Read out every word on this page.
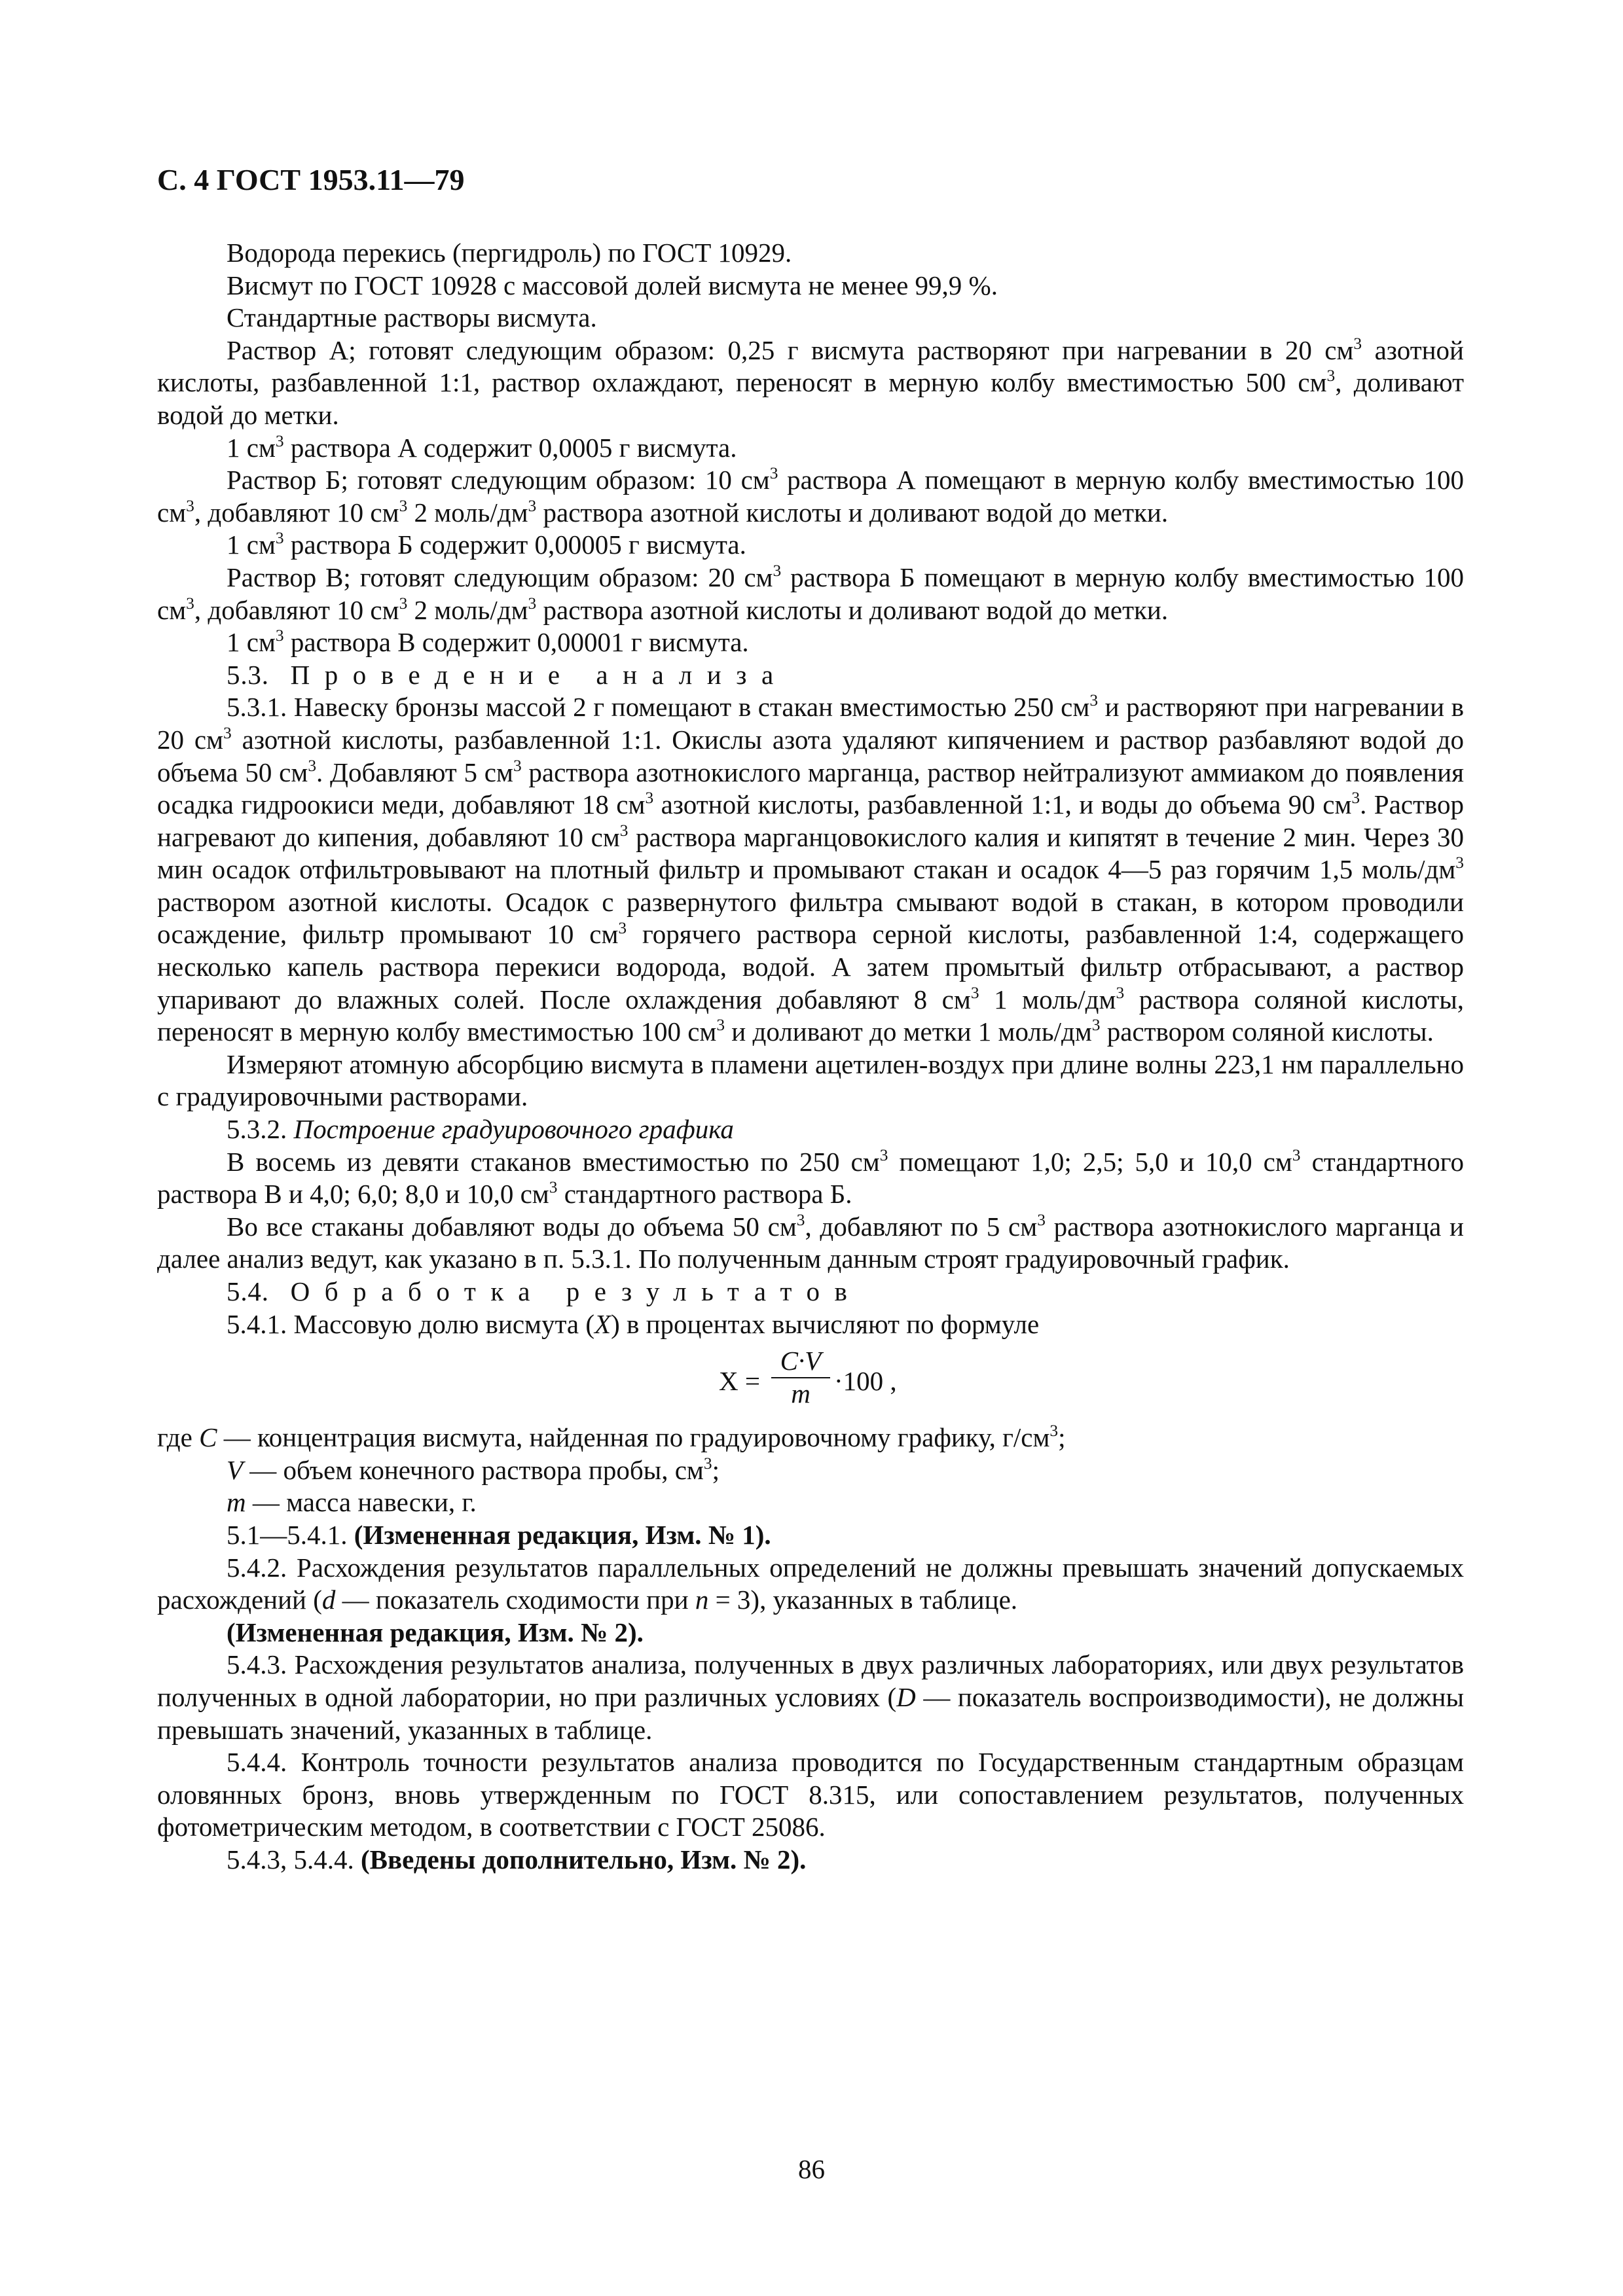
С. 4 ГОСТ 1953.11—79

Водорода перекись (пергидроль) по ГОСТ 10929.

Висмут по ГОСТ 10928 с массовой долей висмута не менее 99,9 %.

Стандартные растворы висмута.

Раствор А; готовят следующим образом: 0,25 г висмута растворяют при нагревании в 20 $см^3$ азотной кислоты, разбавленной 1:1, раствор охлаждают, переносят в мерную колбу вместимостью 500 $см^3$, доливают водой до метки.

1 $см^3$ раствора А содержит 0,0005 г висмута.

Раствор Б; готовят следующим образом: 10 $см^3$ раствора А помещают в мерную колбу вместимостью 100 $см^3$, добавляют 10 $см^3$ 2 моль/$дм^3$ раствора азотной кислоты и доливают водой до метки.

1 $см^3$ раствора Б содержит 0,00005 г висмута.

Раствор В; готовят следующим образом: 20 $см^3$ раствора Б помещают в мерную колбу вместимостью 100 $см^3$, добавляют 10 $см^3$ 2 моль/$дм^3$ раствора азотной кислоты и доливают водой до метки.

1 $см^3$ раствора В содержит 0,00001 г висмута.

5.3. Проведение анализа

5.3.1. Навеску бронзы массой 2 г помещают в стакан вместимостью 250 $см^3$ и растворяют при нагревании в 20 $см^3$ азотной кислоты, разбавленной 1:1. Окислы азота удаляют кипячением и раствор разбавляют водой до объема 50 $см^3$. Добавляют 5 $см^3$ раствора азотнокислого марганца, раствор нейтрализуют аммиаком до появления осадка гидроокиси меди, добавляют 18 $см^3$ азотной кислоты, разбавленной 1:1, и воды до объема 90 $см^3$. Раствор нагревают до кипения, добавляют 10 $см^3$ раствора марганцовокислого калия и кипятят в течение 2 мин. Через 30 мин осадок отфильтровывают на плотный фильтр и промывают стакан и осадок 4—5 раз горячим 1,5 моль/$дм^3$ раствором азотной кислоты. Осадок с развернутого фильтра смывают водой в стакан, в котором проводили осаждение, фильтр промывают 10 $см^3$ горячего раствора серной кислоты, разбавленной 1:4, содержащего несколько капель раствора перекиси водорода, водой. А затем промытый фильтр отбрасывают, а раствор упаривают до влажных солей. После охлаждения добавляют 8 $см^3$ 1 моль/$дм^3$ раствора соляной кислоты, переносят в мерную колбу вместимостью 100 $см^3$ и доливают до метки 1 моль/$дм^3$ раствором соляной кислоты.

Измеряют атомную абсорбцию висмута в пламени ацетилен-воздух при длине волны 223,1 нм параллельно с градуировочными растворами.

5.3.2. Построение градуировочного графика

В восемь из девяти стаканов вместимостью по 250 $см^3$ помещают 1,0; 2,5; 5,0 и 10,0 $см^3$ стандартного раствора В и 4,0; 6,0; 8,0 и 10,0 $см^3$ стандартного раствора Б.

Во все стаканы добавляют воды до объема 50 $см^3$, добавляют по 5 $см^3$ раствора азотнокислого марганца и далее анализ ведут, как указано в п. 5.3.1. По полученным данным строят градуировочный график.

5.4. Обработка результатов

5.4.1. Массовую долю висмута (X) в процентах вычисляют по формуле

X =
C·V
m ·100 ,

где C — концентрация висмута, найденная по градуировочному графику, $г/см^3$;

V — объем конечного раствора пробы, $см^3$;

m — масса навески, г.

5.1—5.4.1. (Измененная редакция, Изм. № 1).

5.4.2. Расхождения результатов параллельных определений не должны превышать значений допускаемых расхождений (d — показатель сходимости при n = 3), указанных в таблице.

(Измененная редакция, Изм. № 2).

5.4.3. Расхождения результатов анализа, полученных в двух различных лабораториях, или двух результатов полученных в одной лаборатории, но при различных условиях (D — показатель воспроизводимости), не должны превышать значений, указанных в таблице.

5.4.4. Контроль точности результатов анализа проводится по Государственным стандартным образцам оловянных бронз, вновь утвержденным по ГОСТ 8.315, или сопоставлением результатов, полученных фотометрическим методом, в соответствии с ГОСТ 25086.

5.4.3, 5.4.4. (Введены дополнительно, Изм. № 2).

86
